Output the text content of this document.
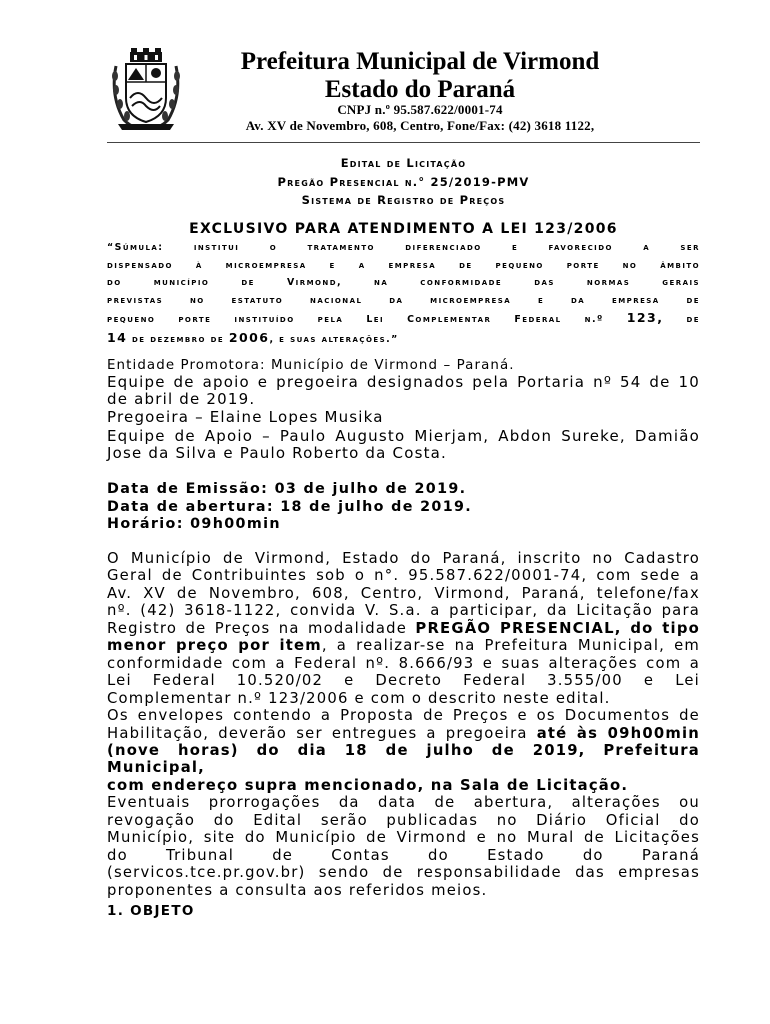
Prefeitura Municipal de Virmond
Estado do Paraná
CNPJ n.º 95.587.622/0001-74
Av. XV de Novembro, 608, Centro, Fone/Fax: (42) 3618 1122,
Edital de Licitação
Pregão Presencial n.° 25/2019-PMV
Sistema de Registro de Preços
EXCLUSIVO PARA ATENDIMENTO A LEI 123/2006
“Súmula: institui o tratamento diferenciado e favorecido a ser
dispensado à microempresa e a empresa de pequeno porte no âmbito
do município de Virmond, na conformidade das normas gerais
previstas no estatuto nacional da microempresa e da empresa de
pequeno porte instituído pela Lei Complementar Federal n.º 123, de
14 de dezembro de 2006, e suas alterações.”
Entidade Promotora: Município de Virmond – Paraná.
Equipe de apoio e pregoeira designados pela Portaria nº 54 de 10
de abril de 2019.
Pregoeira – Elaine Lopes Musika
Equipe de Apoio – Paulo Augusto Mierjam, Abdon Sureke, Damião
Jose da Silva e Paulo Roberto da Costa.
Data de Emissão: 03 de julho de 2019.
Data de abertura: 18 de julho de 2019.
Horário: 09h00min
O Município de Virmond, Estado do Paraná, inscrito no Cadastro
Geral de Contribuintes sob o n°. 95.587.622/0001-74, com sede a
Av. XV de Novembro, 608, Centro, Virmond, Paraná, telefone/fax
nº. (42) 3618-1122, convida V. S.a. a participar, da Licitação para
Registro de Preços na modalidade PREGÃO PRESENCIAL, do tipo
menor preço por item, a realizar-se na Prefeitura Municipal, em
conformidade com a Federal nº. 8.666/93 e suas alterações com a
Lei Federal 10.520/02 e Decreto Federal 3.555/00 e Lei
Complementar n.º 123/2006 e com o descrito neste edital.
Os envelopes contendo a Proposta de Preços e os Documentos de
Habilitação, deverão ser entregues a pregoeira até às 09h00min
(nove horas) do dia 18 de julho de 2019, Prefeitura Municipal,
com endereço supra mencionado, na Sala de Licitação.
Eventuais prorrogações da data de abertura, alterações ou
revogação do Edital serão publicadas no Diário Oficial do
Município, site do Município de Virmond e no Mural de Licitações
do Tribunal de Contas do Estado do Paraná
(servicos.tce.pr.gov.br) sendo de responsabilidade das empresas
proponentes a consulta aos referidos meios.
1. OBJETO
